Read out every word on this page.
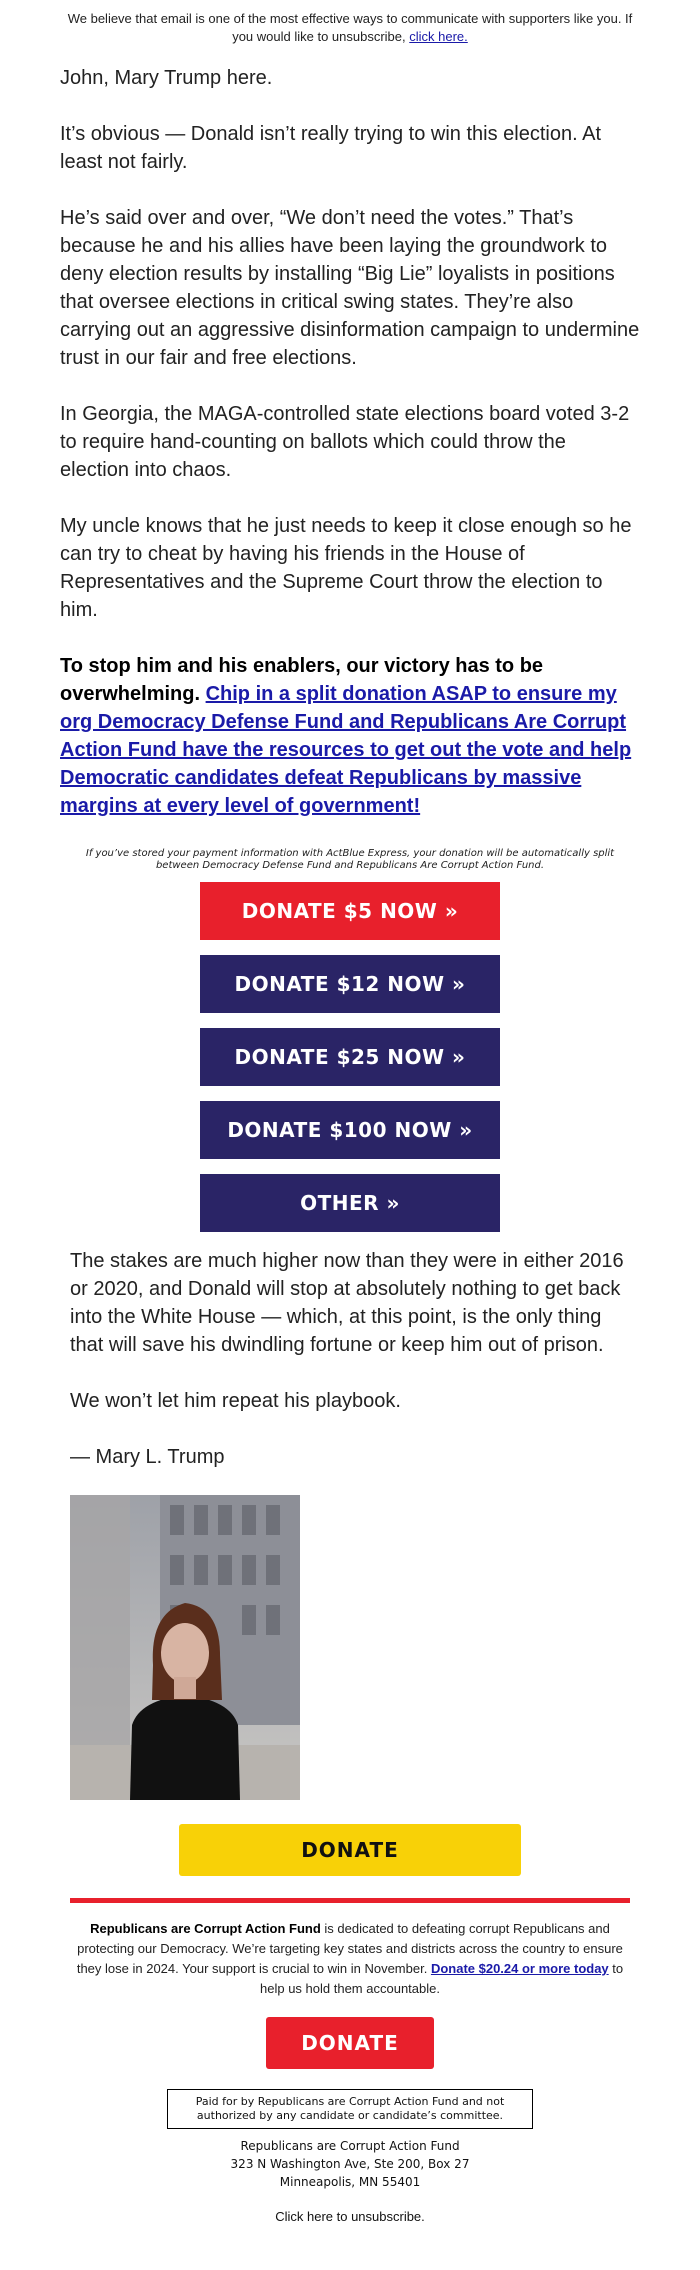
We believe that email is one of the most effective ways to communicate with supporters like you. If you would like to unsubscribe, click here.

John, Mary Trump here.

It’s obvious — Donald isn’t really trying to win this election. At least not fairly.

He’s said over and over, “We don’t need the votes.” That’s because he and his allies have been laying the groundwork to deny election results by installing “Big Lie” loyalists in positions that oversee elections in critical swing states. They’re also carrying out an aggressive disinformation campaign to undermine trust in our fair and free elections.

In Georgia, the MAGA-controlled state elections board voted 3-2 to require hand-counting on ballots which could throw the election into chaos.

My uncle knows that he just needs to keep it close enough so he can try to cheat by having his friends in the House of Representatives and the Supreme Court throw the election to him.

To stop him and his enablers, our victory has to be overwhelming. Chip in a split donation ASAP to ensure my org Democracy Defense Fund and Republicans Are Corrupt Action Fund have the resources to get out the vote and help Democratic candidates defeat Republicans by massive margins at every level of government!

If you’ve stored your payment information with ActBlue Express, your donation will be automatically split between Democracy Defense Fund and Republicans Are Corrupt Action Fund.
DONATE $5 NOW »
DONATE $12 NOW »
DONATE $25 NOW »
DONATE $100 NOW »
OTHER »

The stakes are much higher now than they were in either 2016 or 2020, and Donald will stop at absolutely nothing to get back into the White House — which, at this point, is the only thing that will save his dwindling fortune or keep him out of prison.

We won’t let him repeat his playbook.

— Mary L. Trump

DONATE
Republicans are Corrupt Action Fund is dedicated to defeating corrupt Republicans and protecting our Democracy. We’re targeting key states and districts across the country to ensure they lose in 2024. Your support is crucial to win in November. Donate $20.24 or more today to help us hold them accountable.
DONATE
Paid for by Republicans are Corrupt Action Fund and not authorized by any candidate or candidate’s committee.
Republicans are Corrupt Action Fund
323 N Washington Ave, Ste 200, Box 27
Minneapolis, MN 55401
Click here to unsubscribe.
